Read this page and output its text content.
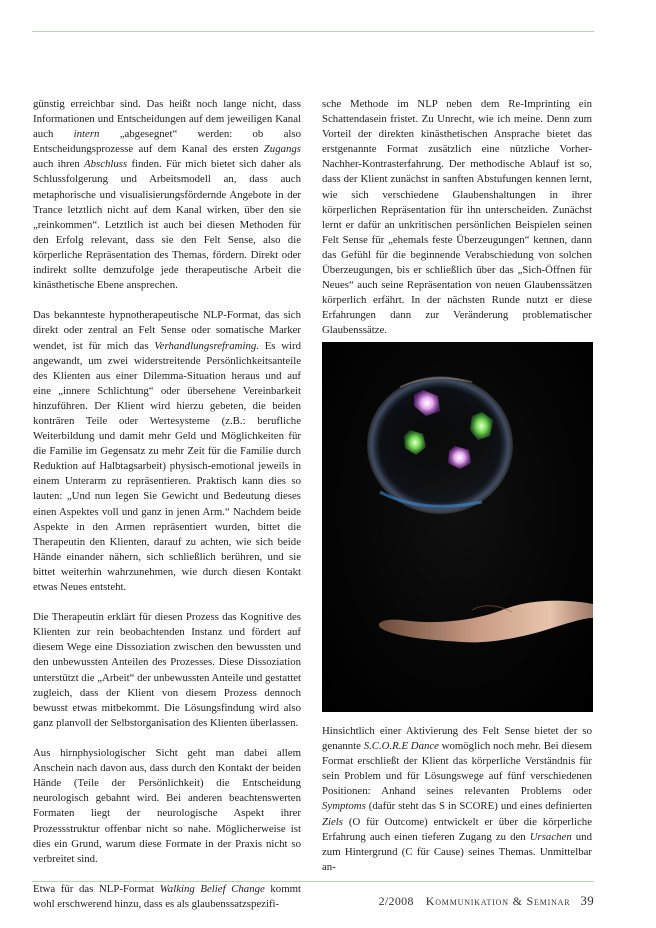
günstig erreichbar sind. Das heißt noch lange nicht, dass Informationen und Entscheidungen auf dem jeweiligen Kanal auch intern „abgesegnet“ werden: ob also Entscheidungsprozesse auf dem Kanal des ersten Zugangs auch ihren Abschluss finden. Für mich bietet sich daher als Schlussfolgerung und Arbeitsmodell an, dass auch metaphorische und visualisierungsfördernde Angebote in der Trance letztlich nicht auf dem Kanal wirken, über den sie „reinkommen“. Letztlich ist auch bei diesen Methoden für den Erfolg relevant, dass sie den Felt Sense, also die körperliche Repräsentation des Themas, fördern. Direkt oder indirekt sollte demzufolge jede therapeutische Arbeit die kinästhetische Ebene ansprechen.

Das bekannteste hypnotherapeutische NLP-Format, das sich direkt oder zentral an Felt Sense oder somatische Marker wendet, ist für mich das Verhandlungsreframing. Es wird angewandt, um zwei widerstreitende Persönlichkeitsanteile des Klienten aus einer Dilemma-Situation heraus und auf eine „innere Schlichtung“ oder übersehene Vereinbarkeit hinzuführen. Der Klient wird hierzu gebeten, die beiden konträren Teile oder Wertesysteme (z.B.: berufliche Weiterbildung und damit mehr Geld und Möglichkeiten für die Familie im Gegensatz zu mehr Zeit für die Familie durch Reduktion auf Halbtagsarbeit) physisch-emotional jeweils in einem Unterarm zu repräsentieren. Praktisch kann dies so lauten: „Und nun legen Sie Gewicht und Bedeutung dieses einen Aspektes voll und ganz in jenen Arm.“ Nachdem beide Aspekte in den Armen repräsentiert wurden, bittet die Therapeutin den Klienten, darauf zu achten, wie sich beide Hände einander nähern, sich schließlich berühren, und sie bittet weiterhin wahrzunehmen, wie durch diesen Kontakt etwas Neues entsteht.

Die Therapeutin erklärt für diesen Prozess das Kognitive des Klienten zur rein beobachtenden Instanz und fördert auf diesem Wege eine Dissoziation zwischen den bewussten und den unbewussten Anteilen des Prozesses. Diese Dissoziation unterstützt die „Arbeit“ der unbewussten Anteile und gestattet zugleich, dass der Klient von diesem Prozess dennoch bewusst etwas mitbekommt. Die Lösungsfindung wird also ganz planvoll der Selbstorganisation des Klienten überlassen.

Aus hirnphysiologischer Sicht geht man dabei allem Anschein nach davon aus, dass durch den Kontakt der beiden Hände (Teile der Persönlichkeit) die Entscheidung neurologisch gebahnt wird. Bei anderen beachtenswerten Formaten liegt der neurologische Aspekt ihrer Prozessstruktur offenbar nicht so nahe. Möglicherweise ist dies ein Grund, warum diese Formate in der Praxis nicht so verbreitet sind.

Etwa für das NLP-Format Walking Belief Change kommt wohl erschwerend hinzu, dass es als glaubenssatzspezifi-

sche Methode im NLP neben dem Re-Imprinting ein Schattendasein fristet. Zu Unrecht, wie ich meine. Denn zum Vorteil der direkten kinästhetischen Ansprache bietet das erstgenannte Format zusätzlich eine nützliche Vorher-Nachher-Kontrasterfahrung. Der methodische Ablauf ist so, dass der Klient zunächst in sanften Abstufungen kennen lernt, wie sich verschiedene Glaubenshaltungen in ihrer körperlichen Repräsentation für ihn unterscheiden. Zunächst lernt er dafür an unkritischen persönlichen Beispielen seinen Felt Sense für „ehemals feste Überzeugungen“ kennen, dann das Gefühl für die beginnende Verabschiedung von solchen Überzeugungen, bis er schließlich über das „Sich-Öffnen für Neues“ auch seine Repräsentation von neuen Glaubenssätzen körperlich erfährt. In der nächsten Runde nutzt er diese Erfahrungen dann zur Veränderung problematischer Glaubenssätze.

Hinsichtlich einer Aktivierung des Felt Sense bietet der so genannte S.C.O.R.E Dance womöglich noch mehr. Bei diesem Format erschließt der Klient das körperliche Verständnis für sein Problem und für Lösungswege auf fünf verschiedenen Positionen: Anhand seines relevanten Problems oder Symptoms (dafür steht das S in SCORE) und eines definierten Ziels (O für Outcome) entwickelt er über die körperliche Erfahrung auch einen tieferen Zugang zu den Ursachen und zum Hintergrund (C für Cause) seines Themas. Unmittelbar an-

2/2008 Kommunikation & Seminar 39
